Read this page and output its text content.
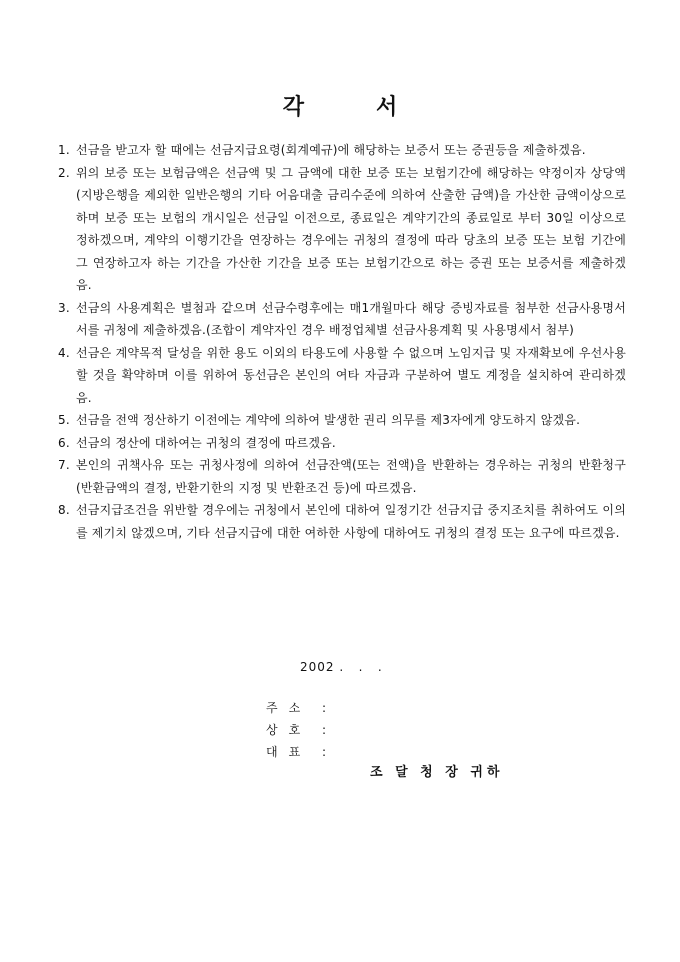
각	서
1. 선금을 받고자 할 때에는 선금지급요령(회계예규)에 해당하는 보증서 또는 증권등을 제출하겠음.
2. 위의 보증 또는 보험금액은 선금액 및 그 금액에 대한 보증 또는 보험기간에 해당하는 약정이자 상당액(지방은행을 제외한 일반은행의 기타 어음대출 금리수준에 의하여 산출한 금액)을 가산한 금액이상으로 하며 보증 또는 보험의 개시일은 선금일 이전으로, 종료일은 계약기간의 종료일로 부터 30일 이상으로 정하겠으며, 계약의 이행기간을 연장하는 경우에는 귀청의 결정에 따라 당초의 보증 또는 보험 기간에 그 연장하고자 하는 기간을 가산한 기간을 보증 또는 보험기간으로 하는 증권 또는 보증서를 제출하겠음.
3. 선금의 사용계획은 별첨과 같으며 선금수령후에는 매1개월마다 해당 증빙자료를 첨부한 선금사용명서서를 귀청에 제출하겠음.(조합이 계약자인 경우 배정업체별 선금사용계획 및 사용명세서 첨부)
4. 선금은 계약목적 달성을 위한 용도 이외의 타용도에 사용할 수 없으며 노임지급 및 자재확보에 우선사용할 것을 확약하며 이를 위하여 동선금은 본인의 여타 자금과 구분하여 별도 계정을 설치하여 관리하겠음.
5. 선금을 전액 정산하기 이전에는 계약에 의하여 발생한 권리 의무를 제3자에게 양도하지 않겠음.
6. 선금의 정산에 대하여는 귀청의 결정에 따르겠음.
7. 본인의 귀책사유 또는 귀청사정에 의하여 선금잔액(또는 전액)을 반환하는 경우하는 귀청의 반환청구(반환금액의 결정, 반환기한의 지정 및 반환조건 등)에 따르겠음.
8. 선금지급조건을 위반할 경우에는 귀청에서 본인에 대하여 일정기간 선금지급 중지조치를 취하여도 이의를 제기치 않겠으며, 기타 선금지급에 대한 여하한 사항에 대하여도 귀청의 결정 또는 요구에 따르겠음.
2002 .   .   .
주소 :
상호 :
대표 :
조 달 청 장 귀하
